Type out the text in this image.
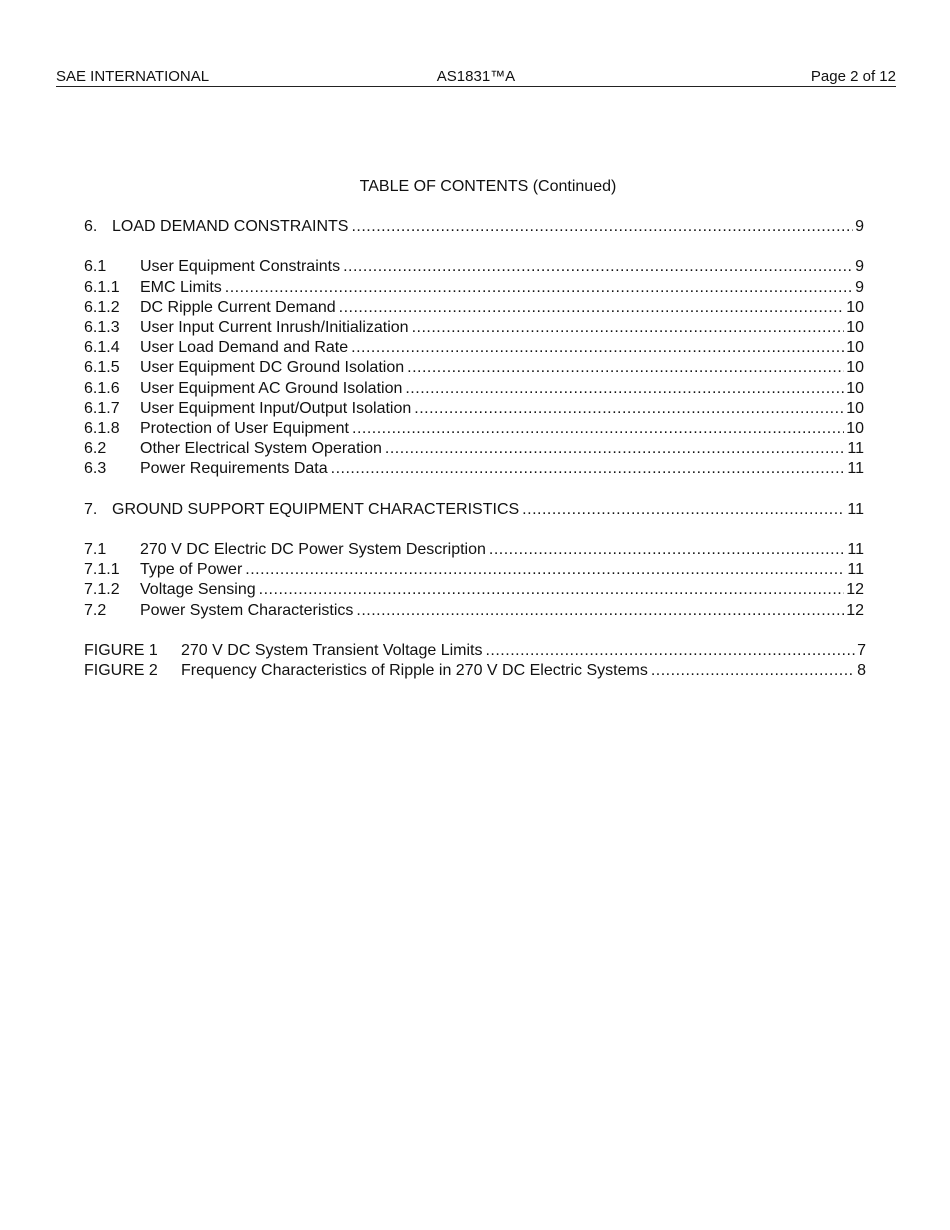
SAE INTERNATIONAL	AS1831™A	Page 2 of 12
TABLE OF CONTENTS (Continued)
6. LOAD DEMAND CONSTRAINTS .....	9
6.1	User Equipment Constraints .....	9
6.1.1	EMC Limits .....	9
6.1.2	DC Ripple Current Demand .....	10
6.1.3	User Input Current Inrush/Initialization .....	10
6.1.4	User Load Demand and Rate .....	10
6.1.5	User Equipment DC Ground Isolation .....	10
6.1.6	User Equipment AC Ground Isolation .....	10
6.1.7	User Equipment Input/Output Isolation .....	10
6.1.8	Protection of User Equipment .....	10
6.2	Other Electrical System Operation .....	11
6.3	Power Requirements Data .....	11
7. GROUND SUPPORT EQUIPMENT CHARACTERISTICS .....	11
7.1	270 V DC Electric DC Power System Description .....	11
7.1.1	Type of Power .....	11
7.1.2	Voltage Sensing .....	12
7.2	Power System Characteristics .....	12
FIGURE 1	270 V DC System Transient Voltage Limits .....	7
FIGURE 2	Frequency Characteristics of Ripple in 270 V DC Electric Systems .....	8
